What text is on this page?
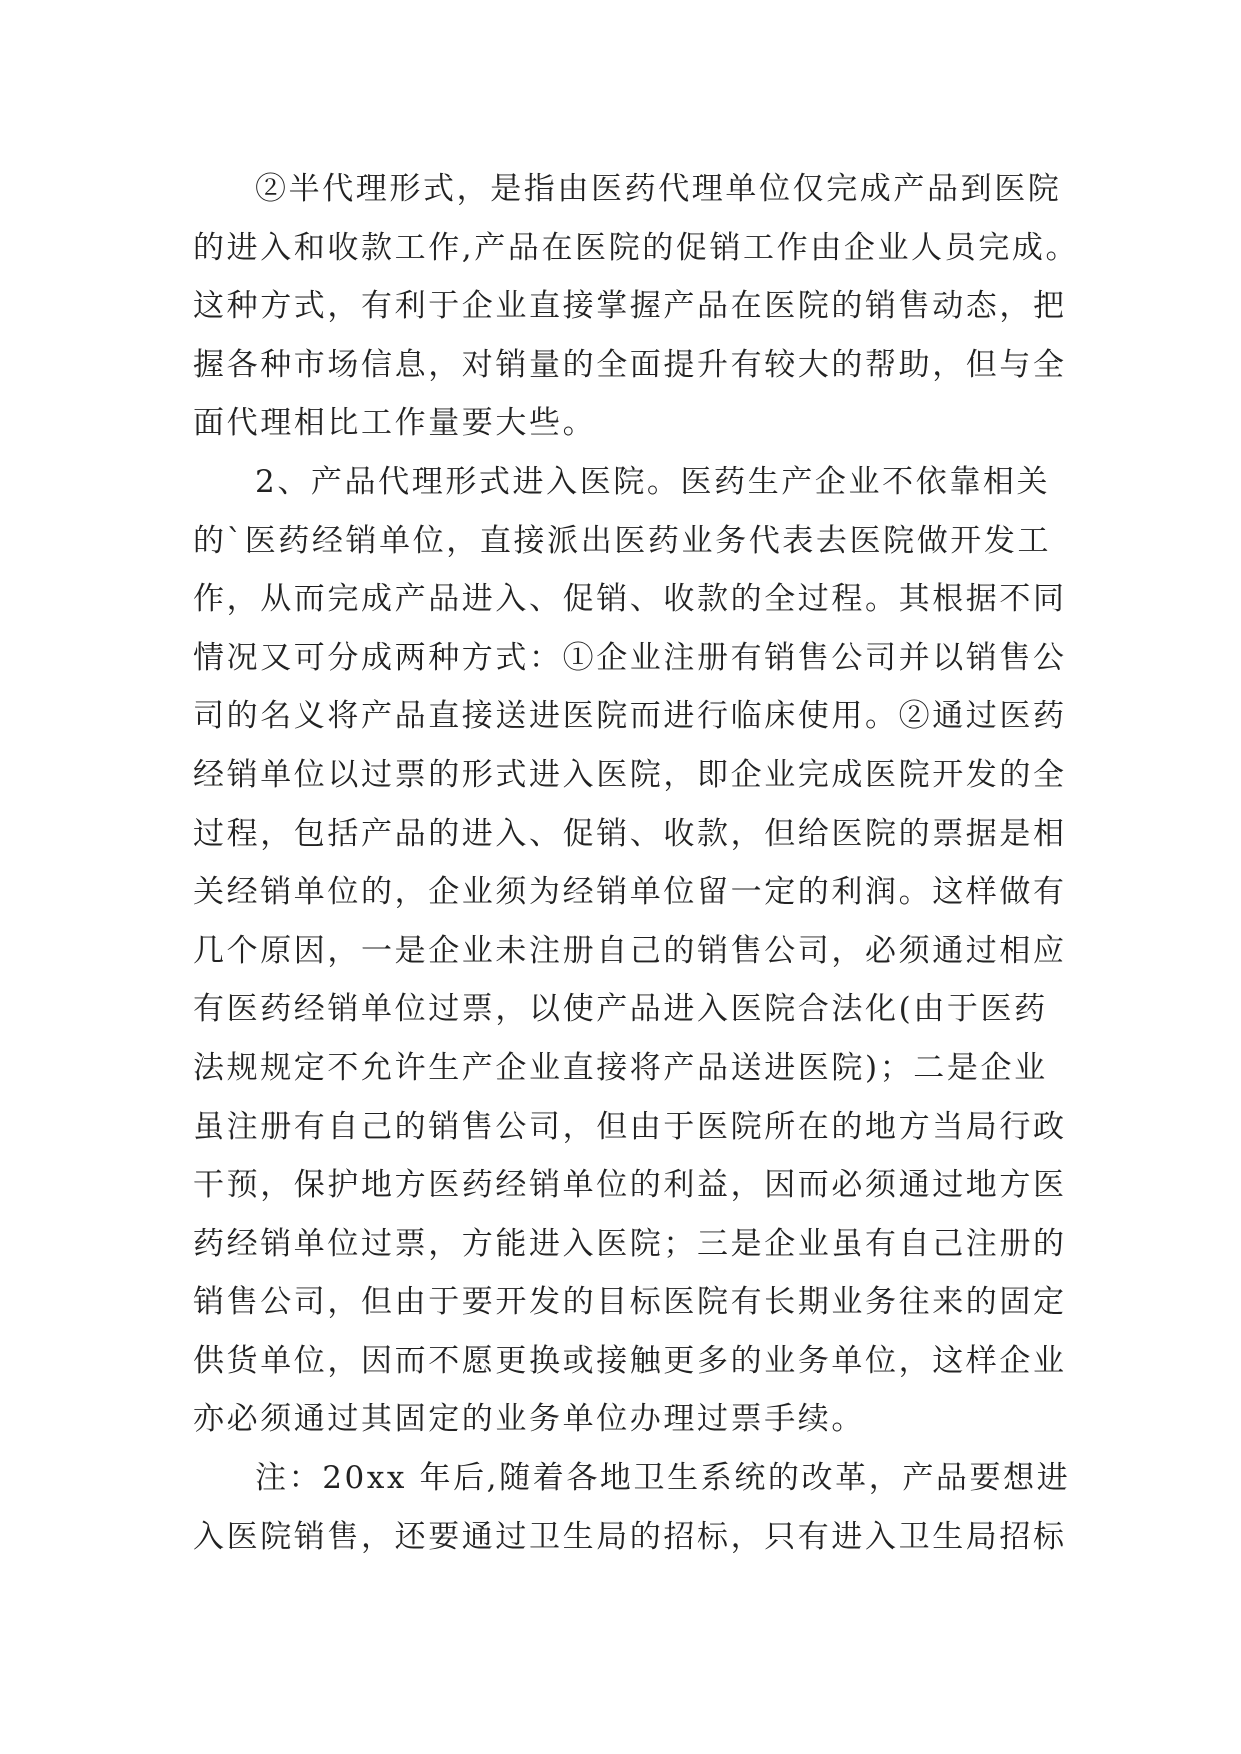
②半代理形式，是指由医药代理单位仅完成产品到医院
的进入和收款工作,产品在医院的促销工作由企业人员完成。
这种方式，有利于企业直接掌握产品在医院的销售动态，把
握各种市场信息，对销量的全面提升有较大的帮助，但与全
面代理相比工作量要大些。
2、产品代理形式进入医院。医药生产企业不依靠相关
的`医药经销单位，直接派出医药业务代表去医院做开发工
作，从而完成产品进入、促销、收款的全过程。其根据不同
情况又可分成两种方式：①企业注册有销售公司并以销售公
司的名义将产品直接送进医院而进行临床使用。②通过医药
经销单位以过票的形式进入医院，即企业完成医院开发的全
过程，包括产品的进入、促销、收款，但给医院的票据是相
关经销单位的，企业须为经销单位留一定的利润。这样做有
几个原因，一是企业未注册自己的销售公司，必须通过相应
有医药经销单位过票，以使产品进入医院合法化(由于医药
法规规定不允许生产企业直接将产品送进医院)；二是企业
虽注册有自己的销售公司，但由于医院所在的地方当局行政
干预，保护地方医药经销单位的利益，因而必须通过地方医
药经销单位过票，方能进入医院；三是企业虽有自己注册的
销售公司，但由于要开发的目标医院有长期业务往来的固定
供货单位，因而不愿更换或接触更多的业务单位，这样企业
亦必须通过其固定的业务单位办理过票手续。
注：20xx 年后,随着各地卫生系统的改革，产品要想进
入医院销售，还要通过卫生局的招标，只有进入卫生局招标
